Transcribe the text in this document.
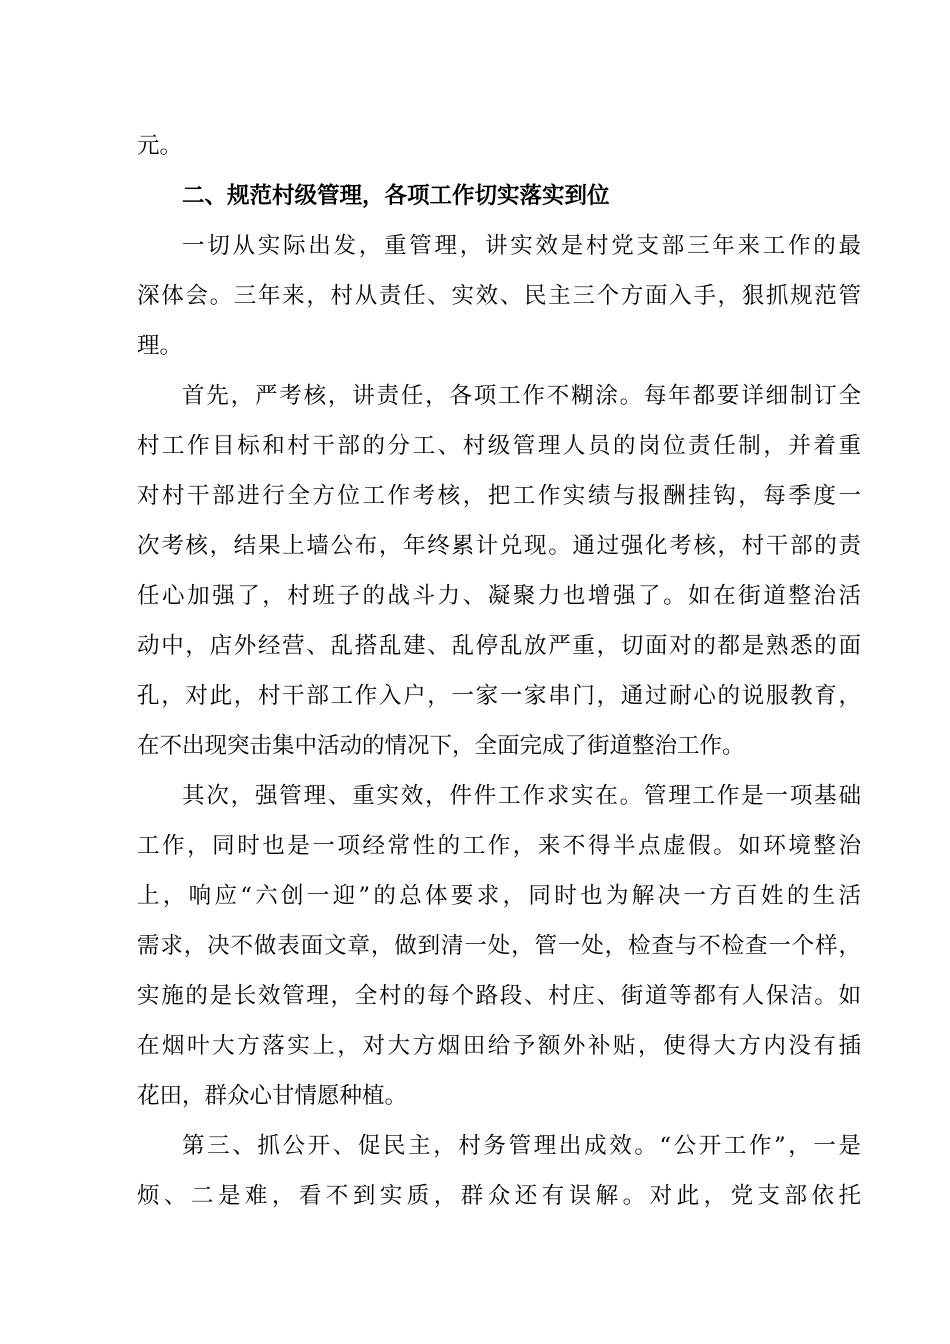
元。
二、规范村级管理，各项工作切实落实到位
一切从实际出发，重管理，讲实效是村党支部三年来工作的最
深体会。三年来，村从责任、实效、民主三个方面入手，狠抓规范管
理。
首先，严考核，讲责任，各项工作不糊涂。每年都要详细制订全
村工作目标和村干部的分工、村级管理人员的岗位责任制，并着重
对村干部进行全方位工作考核，把工作实绩与报酬挂钩，每季度一
次考核，结果上墙公布，年终累计兑现。通过强化考核，村干部的责
任心加强了，村班子的战斗力、凝聚力也增强了。如在街道整治活
动中，店外经营、乱搭乱建、乱停乱放严重，切面对的都是熟悉的面
孔，对此，村干部工作入户，一家一家串门，通过耐心的说服教育，
在不出现突击集中活动的情况下，全面完成了街道整治工作。
其次，强管理、重实效，件件工作求实在。管理工作是一项基础
工作，同时也是一项经常性的工作，来不得半点虚假。如环境整治
上，响应“六创一迎”的总体要求，同时也为解决一方百姓的生活
需求，决不做表面文章，做到清一处，管一处，检查与不检查一个样，
实施的是长效管理，全村的每个路段、村庄、街道等都有人保洁。如
在烟叶大方落实上，对大方烟田给予额外补贴，使得大方内没有插
花田，群众心甘情愿种植。
第三、抓公开、促民主，村务管理出成效。“公开工作”，一是
烦、二是难，看不到实质，群众还有误解。对此，党支部依托
